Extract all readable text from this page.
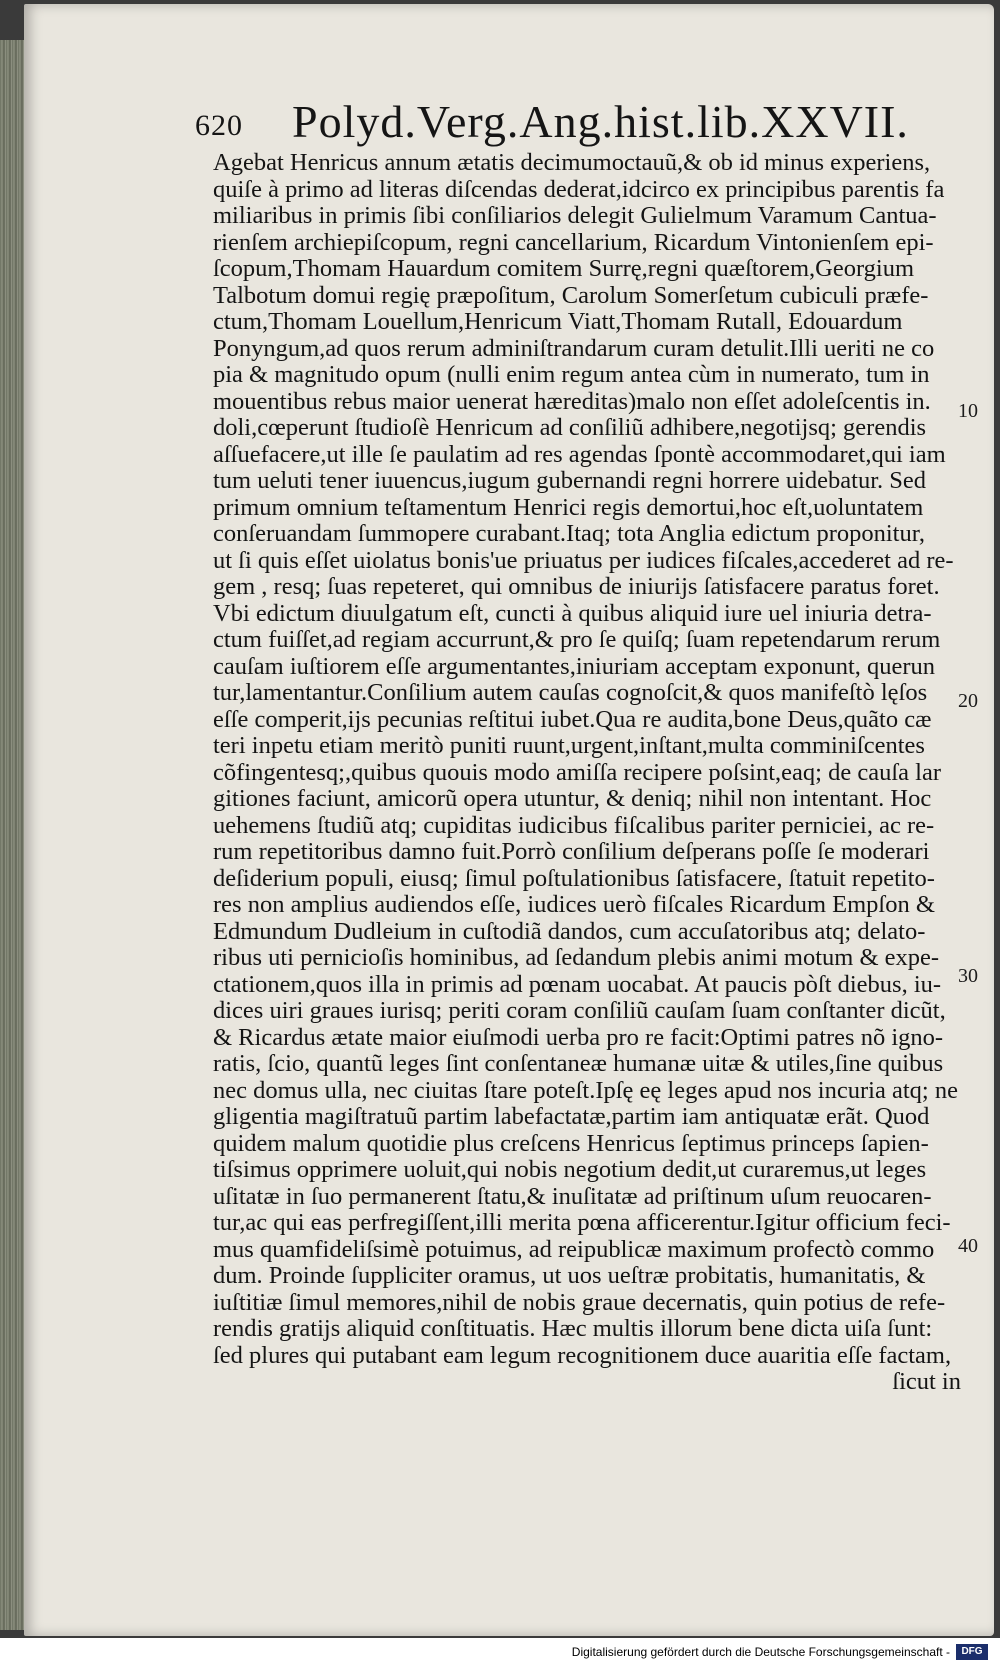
620 Polyd.Verg.Ang.hist.lib.XXVII.
Agebat Henricus annum ætatis decimumoctauũ,& ob id minus experiens,
quiſe à primo ad literas diſcendas dederat,idcirco ex principibus parentis fa
miliaribus in primis ſibi conſiliarios delegit Gulielmum Varamum Cantua-
rienſem archiepiſcopum, regni cancellarium, Ricardum Vintonienſem epi-
ſcopum,Thomam Hauardum comitem Surrę,regni quæſtorem,Georgium
Talbotum domui regię præpoſitum, Carolum Somerſetum cubiculi præfe-
ctum,Thomam Louellum,Henricum Viatt,Thomam Rutall, Edouardum
Ponyngum,ad quos rerum adminiſtrandarum curam detulit.Illi ueriti ne co
pia & magnitudo opum (nulli enim regum antea cùm in numerato, tum in
mouentibus rebus maior uenerat hæreditas)malo non eſſet adoleſcentis in.
doli,cœperunt ſtudioſè Henricum ad conſiliũ adhibere,negotijsq; gerendis
aſſuefacere,ut ille ſe paulatim ad res agendas ſpontè accommodaret,qui iam
tum ueluti tener iuuencus,iugum gubernandi regni horrere uidebatur. Sed
primum omnium teſtamentum Henrici regis demortui,hoc eſt,uoluntatem
conſeruandam ſummopere curabant.Itaq; tota Anglia edictum proponitur,
ut ſi quis eſſet uiolatus bonis'ue priuatus per iudices fiſcales,accederet ad re-
gem , resq; ſuas repeteret, qui omnibus de iniurijs ſatisfacere paratus foret.
Vbi edictum diuulgatum eſt, cuncti à quibus aliquid iure uel iniuria detra-
ctum fuiſſet,ad regiam accurrunt,& pro ſe quiſq; ſuam repetendarum rerum
cauſam iuſtiorem eſſe argumentantes,iniuriam acceptam exponunt, querun
tur,lamentantur.Conſilium autem cauſas cognoſcit,& quos manifeſtò lęſos
eſſe comperit,ijs pecunias reſtitui iubet.Qua re audita,bone Deus,quãto cæ
teri inpetu etiam meritò puniti ruunt,urgent,inſtant,multa comminiſcentes
cõfingentesq;,quibus quouis modo amiſſa recipere poſsint,eaq; de cauſa lar
gitiones faciunt, amicorũ opera utuntur, & deniq; nihil non intentant. Hoc
uehemens ſtudiũ atq; cupiditas iudicibus fiſcalibus pariter perniciei, ac re-
rum repetitoribus damno fuit.Porrò conſilium deſperans poſſe ſe moderari
deſiderium populi, eiusq; ſimul poſtulationibus ſatisfacere, ſtatuit repetito-
res non amplius audiendos eſſe, iudices uerò fiſcales Ricardum Empſon &
Edmundum Dudleium in cuſtodiã dandos, cum accuſatoribus atq; delato-
ribus uti pernicioſis hominibus, ad ſedandum plebis animi motum & expe-
ctationem,quos illa in primis ad pœnam uocabat. At paucis pòſt diebus, iu-
dices uiri graues iurisq; periti coram conſiliũ cauſam ſuam conſtanter dicũt,
& Ricardus ætate maior eiuſmodi uerba pro re facit:Optimi patres nõ igno-
ratis, ſcio, quantũ leges ſint conſentaneæ humanæ uitæ & utiles,ſine quibus
nec domus ulla, nec ciuitas ſtare poteſt.Ipſę eę leges apud nos incuria atq; ne
gligentia magiſtratuũ partim labefactatæ,partim iam antiquatæ erãt. Quod
quidem malum quotidie plus creſcens Henricus ſeptimus princeps ſapien-
tiſsimus opprimere uoluit,qui nobis negotium dedit,ut curaremus,ut leges
uſitatæ in ſuo permanerent ſtatu,& inuſitatæ ad priſtinum uſum reuocaren-
tur,ac qui eas perfregiſſent,illi merita pœna afficerentur.Igitur officium feci-
mus quamfideliſsimè potuimus, ad reipublicæ maximum profectò commo
dum. Proinde ſuppliciter oramus, ut uos ueſtræ probitatis, humanitatis, &
iuſtitiæ ſimul memores,nihil de nobis graue decernatis, quin potius de refe-
rendis gratijs aliquid conſtituatis. Hæc multis illorum bene dicta uiſa ſunt:
ſed plures qui putabant eam legum recognitionem duce auaritia eſſe factam,
ſicut in
10
20
30
40
Digitalisierung gefördert durch die Deutsche Forschungsgemeinschaft -	DFG
